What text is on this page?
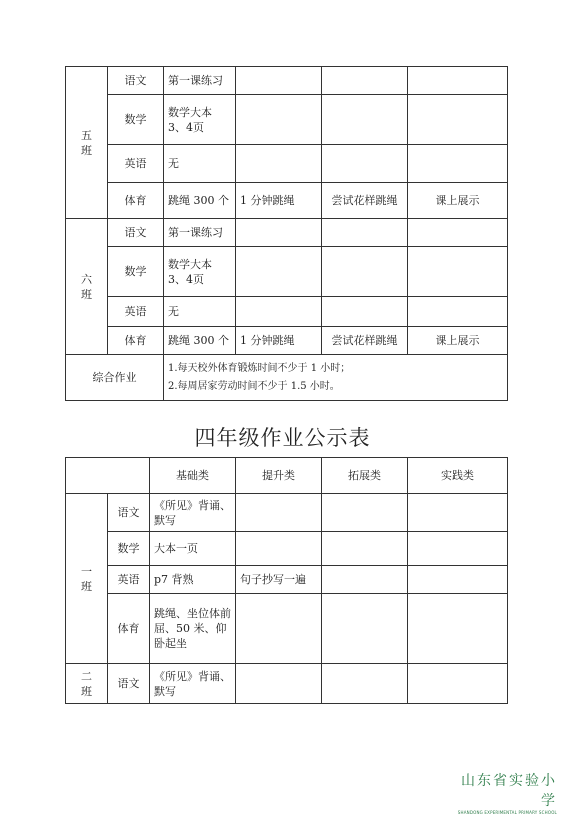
五班	语文	第一课练习			
	数学	数学大本 3、4页			
	英语	无			
	体育	跳绳 300 个	1 分钟跳绳	尝试花样跳绳	课上展示
六班	语文	第一课练习			
	数学	数学大本 3、4页			
	英语	无			
	体育	跳绳 300 个	1 分钟跳绳	尝试花样跳绳	课上展示
综合作业		1.每天校外体育锻炼时间不少于 1 小时；
2.每周居家劳动时间不少于 1.5 小时。			
四年级作业公示表
		基础类	提升类	拓展类	实践类
一班	语文	《所见》背诵、默写			
	数学	大本一页			
	英语	p7 背熟	句子抄写一遍		
	体育	跳绳、坐位体前屈、50 米、仰卧起坐			
二班	语文	《所见》背诵、默写			
山东省实验小学
SHANDONG EXPERIMENTAL PRIMARY SCHOOL
